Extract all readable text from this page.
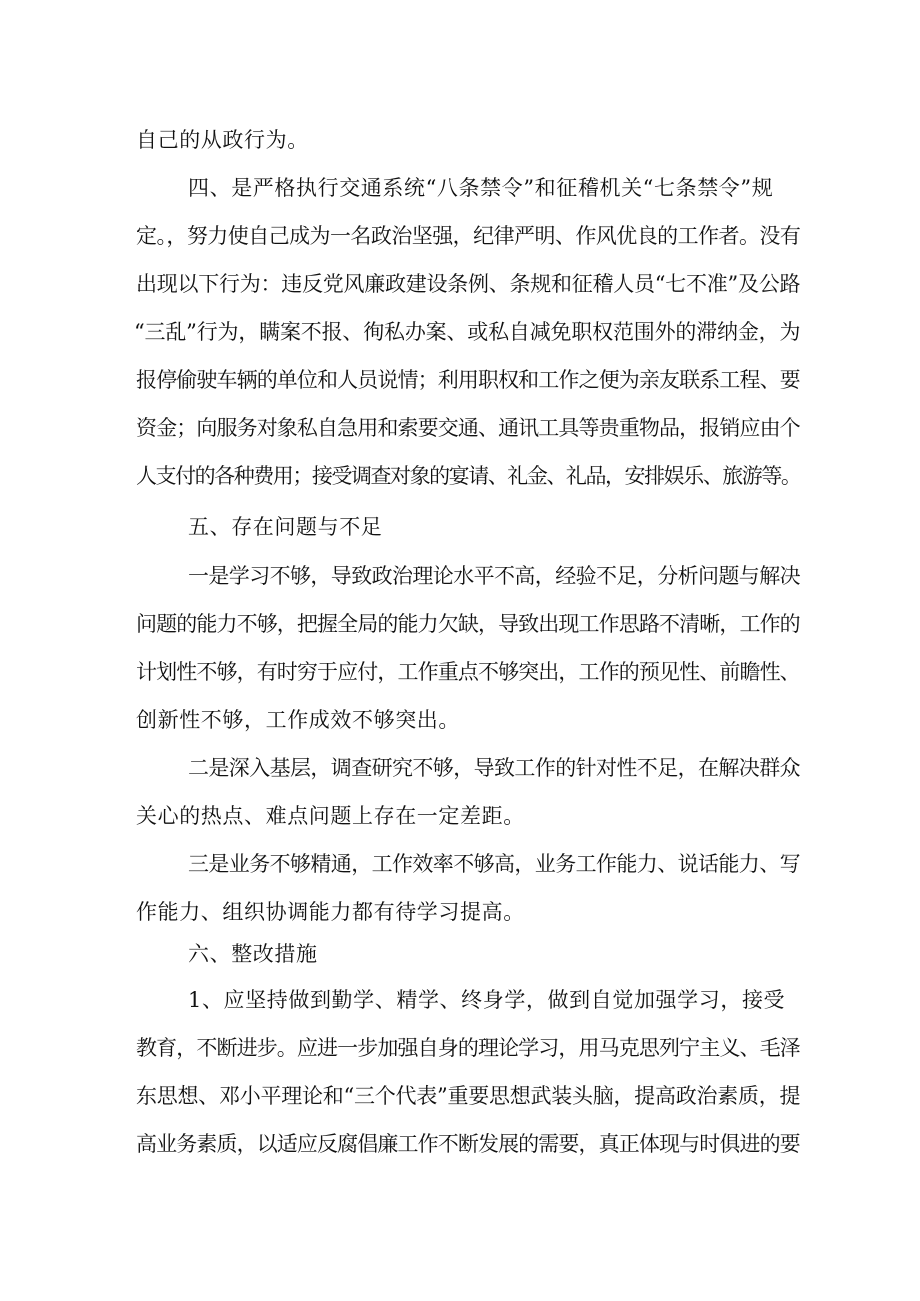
自己的从政行为。
四、是严格执行交通系统“八条禁令”和征稽机关“七条禁令”规
定。，努力使自己成为一名政治坚强，纪律严明、作风优良的工作者。没有
出现以下行为：违反党风廉政建设条例、条规和征稽人员“七不准”及公路
“三乱”行为，瞒案不报、徇私办案、或私自减免职权范围外的滞纳金，为
报停偷驶车辆的单位和人员说情；利用职权和工作之便为亲友联系工程、要
资金；向服务对象私自急用和索要交通、通讯工具等贵重物品，报销应由个
人支付的各种费用；接受调查对象的宴请、礼金、礼品，安排娱乐、旅游等。
五、存在问题与不足
一是学习不够，导致政治理论水平不高，经验不足，分析问题与解决
问题的能力不够，把握全局的能力欠缺，导致出现工作思路不清晰，工作的
计划性不够，有时穷于应付，工作重点不够突出，工作的预见性、前瞻性、
创新性不够，工作成效不够突出。
二是深入基层，调查研究不够，导致工作的针对性不足，在解决群众
关心的热点、难点问题上存在一定差距。
三是业务不够精通，工作效率不够高，业务工作能力、说话能力、写
作能力、组织协调能力都有待学习提高。
六、整改措施
1、应坚持做到勤学、精学、终身学，做到自觉加强学习，接受
教育，不断进步。应进一步加强自身的理论学习，用马克思列宁主义、毛泽
东思想、邓小平理论和“三个代表”重要思想武装头脑，提高政治素质，提
高业务素质，以适应反腐倡廉工作不断发展的需要，真正体现与时俱进的要
